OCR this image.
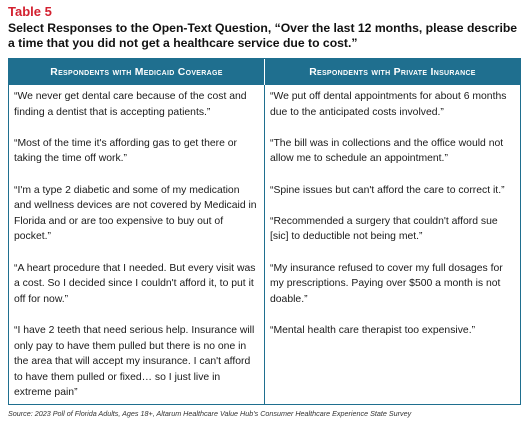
Table 5
Select Responses to the Open-Text Question, “Over the last 12 months, please describe a time that you did not get a healthcare service due to cost.”
Respondents with Medicaid Coverage	Respondents with Private Insurance

“We never get dental care because of the cost and finding a dentist that is accepting patients.”

“Most of the time it's affording gas to get there or taking the time off work.”

“I'm a type 2 diabetic and some of my medication and wellness devices are not covered by Medicaid in Florida and or are too expensive to buy out of pocket.”

“A heart procedure that I needed. But every visit was a cost. So I decided since I couldn't afford it, to put it off for now.”

“I have 2 teeth that need serious help. Insurance will only pay to have them pulled but there is no one in the area that will accept my insurance. I can't afford to have them pulled or fixed… so I just live in extreme pain”

“We put off dental appointments for about 6 months due to the anticipated costs involved.”

“The bill was in collections and the office would not allow me to schedule an appointment.”

“Spine issues but can't afford the care to correct it.”

“Recommended a surgery that couldn't afford sue [sic] to deductible not being met.”

“My insurance refused to cover my full dosages for my prescriptions. Paying over $500 a month is not doable.”

“Mental health care therapist too expensive.”

Source: 2023 Poll of Florida Adults, Ages 18+, Altarum Healthcare Value Hub's Consumer Healthcare Experience State Survey
